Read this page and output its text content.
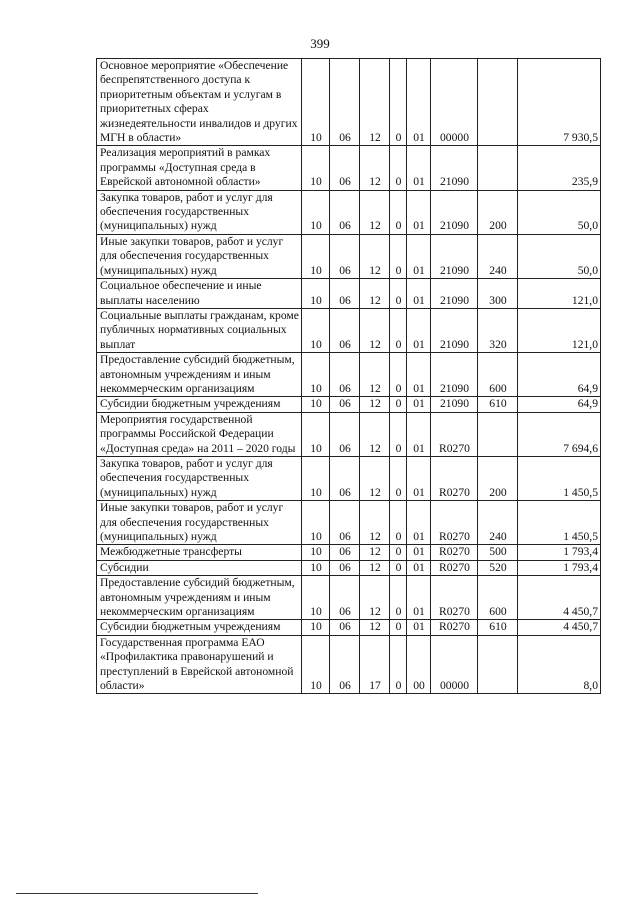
399
Основное мероприятие «Обеспечение беспрепятственного доступа к приоритетным объектам и услугам в приоритетных сферах жизнедеятельности инвалидов и других МГН в области»	10	06	12	0	01	00000		7 930,5
Реализация мероприятий в рамках программы «Доступная среда в Еврейской автономной области»	10	06	12	0	01	21090		235,9
Закупка товаров, работ и услуг для обеспечения государственных (муниципальных) нужд	10	06	12	0	01	21090	200	50,0
Иные закупки товаров, работ и услуг для обеспечения государственных (муниципальных) нужд	10	06	12	0	01	21090	240	50,0
Социальное обеспечение и иные выплаты населению	10	06	12	0	01	21090	300	121,0
Социальные выплаты гражданам, кроме публичных нормативных социальных выплат	10	06	12	0	01	21090	320	121,0
Предоставление субсидий бюджетным, автономным учреждениям и иным некоммерческим организациям	10	06	12	0	01	21090	600	64,9
Субсидии бюджетным учреждениям	10	06	12	0	01	21090	610	64,9
Мероприятия государственной программы Российской Федерации «Доступная среда» на 2011 – 2020 годы	10	06	12	0	01	R0270		7 694,6
Закупка товаров, работ и услуг для обеспечения государственных (муниципальных) нужд	10	06	12	0	01	R0270	200	1 450,5
Иные закупки товаров, работ и услуг для обеспечения государственных (муниципальных) нужд	10	06	12	0	01	R0270	240	1 450,5
Межбюджетные трансферты	10	06	12	0	01	R0270	500	1 793,4
Субсидии	10	06	12	0	01	R0270	520	1 793,4
Предоставление субсидий бюджетным, автономным учреждениям и иным некоммерческим организациям	10	06	12	0	01	R0270	600	4 450,7
Субсидии бюджетным учреждениям	10	06	12	0	01	R0270	610	4 450,7
Государственная программа ЕАО «Профилактика правонарушений и преступлений в Еврейской автономной области»	10	06	17	0	00	00000		8,0
